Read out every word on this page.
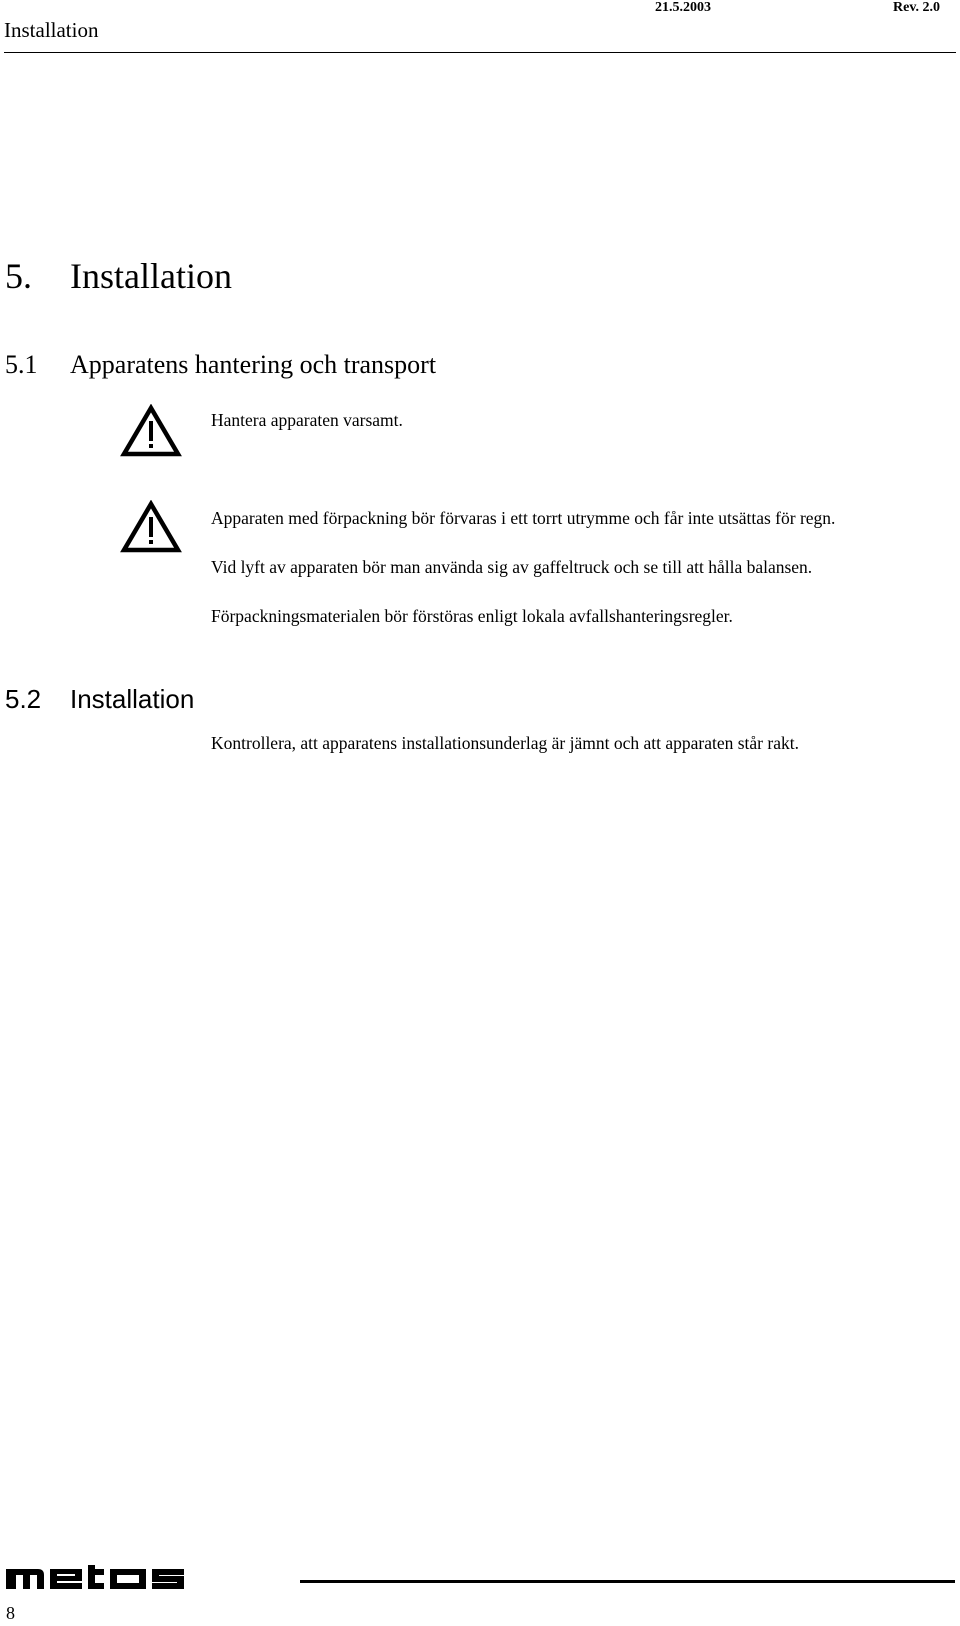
Installation
21.5.2003	Rev. 2.0
5. Installation
5.1 Apparatens hantering och transport
Hantera apparaten varsamt.
Apparaten med förpackning bör förvaras i ett torrt utrymme och får inte utsättas för regn.
Vid lyft av apparaten bör man använda sig av gaffeltruck och se till att hålla balansen.
Förpackningsmaterialen bör förstöras enligt lokala avfallshanteringsregler.
5.2 Installation
Kontrollera, att apparatens installationsunderlag är jämnt och att apparaten står rakt.
8
